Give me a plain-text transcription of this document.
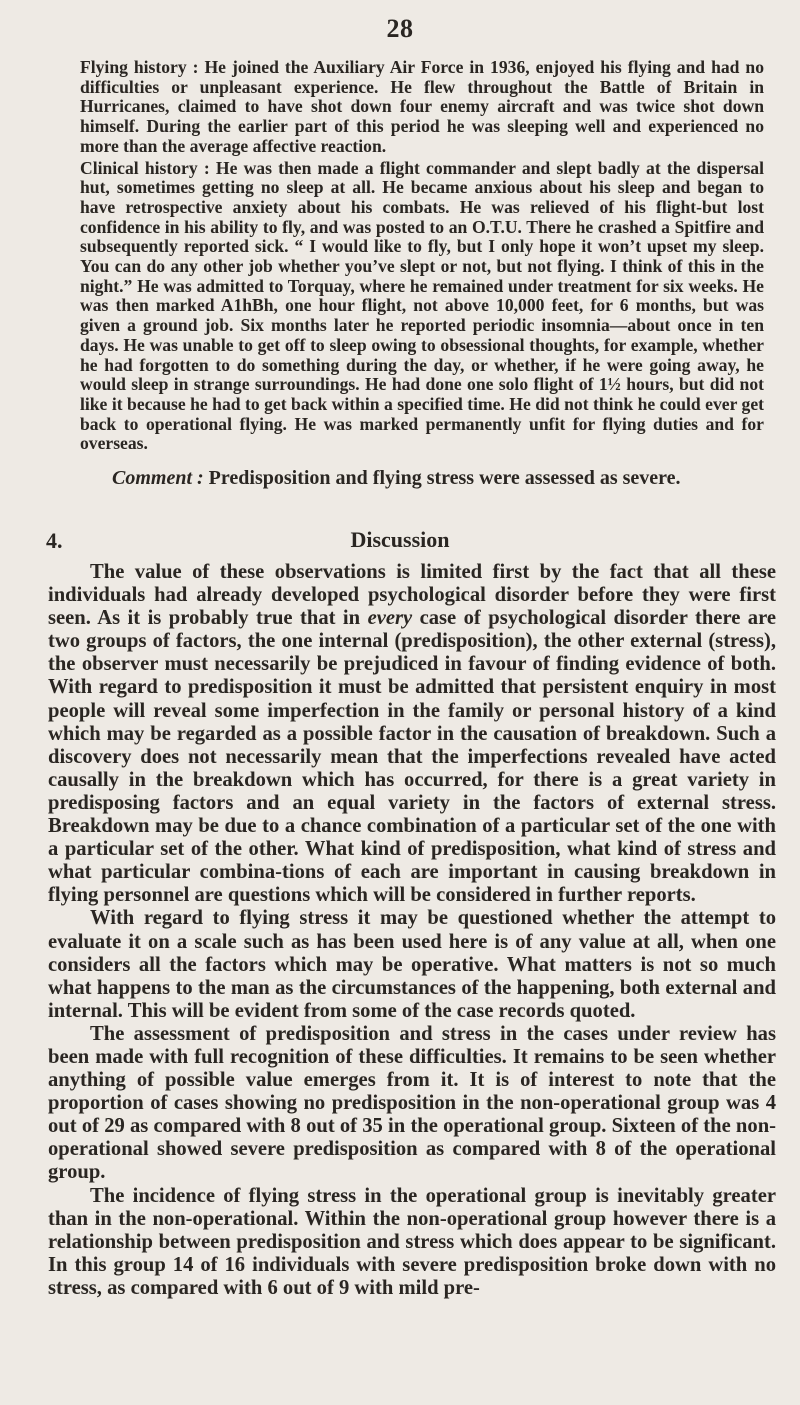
28

Flying history : He joined the Auxiliary Air Force in 1936, enjoyed his flying and had no difficulties or unpleasant experience. He flew throughout the Battle of Britain in Hurricanes, claimed to have shot down four enemy aircraft and was twice shot down himself. During the earlier part of this period he was sleeping well and experienced no more than the average affective reaction.

Clinical history : He was then made a flight commander and slept badly at the dispersal hut, sometimes getting no sleep at all. He became anxious about his sleep and began to have retrospective anxiety about his combats. He was relieved of his flight-but lost confidence in his ability to fly, and was posted to an O.T.U. There he crashed a Spitfire and subsequently reported sick. “ I would like to fly, but I only hope it won’t upset my sleep. You can do any other job whether you’ve slept or not, but not flying. I think of this in the night.” He was admitted to Torquay, where he remained under treatment for six weeks. He was then marked A1hBh, one hour flight, not above 10,000 feet, for 6 months, but was given a ground job. Six months later he reported periodic insomnia—about once in ten days. He was unable to get off to sleep owing to obsessional thoughts, for example, whether he had forgotten to do something during the day, or whether, if he were going away, he would sleep in strange surroundings. He had done one solo flight of 1½ hours, but did not like it because he had to get back within a specified time. He did not think he could ever get back to operational flying. He was marked permanently unfit for flying duties and for overseas.

Comment : Predisposition and flying stress were assessed as severe.
4.	Discussion

The value of these observations is limited first by the fact that all these individuals had already developed psychological disorder before they were first seen. As it is probably true that in every case of psychological disorder there are two groups of factors, the one internal (predisposition), the other external (stress), the observer must necessarily be prejudiced in favour of finding evidence of both. With regard to predisposition it must be admitted that persistent enquiry in most people will reveal some imperfection in the family or personal history of a kind which may be regarded as a possible factor in the causation of breakdown. Such a discovery does not necessarily mean that the imperfections revealed have acted causally in the breakdown which has occurred, for there is a great variety in predisposing factors and an equal variety in the factors of external stress. Breakdown may be due to a chance combination of a particular set of the one with a particular set of the other. What kind of predisposition, what kind of stress and what particular combina-tions of each are important in causing breakdown in flying personnel are questions which will be considered in further reports.

With regard to flying stress it may be questioned whether the attempt to evaluate it on a scale such as has been used here is of any value at all, when one considers all the factors which may be operative. What matters is not so much what happens to the man as the circumstances of the happening, both external and internal. This will be evident from some of the case records quoted.

The assessment of predisposition and stress in the cases under review has been made with full recognition of these difficulties. It remains to be seen whether anything of possible value emerges from it. It is of interest to note that the proportion of cases showing no predisposition in the non-operational group was 4 out of 29 as compared with 8 out of 35 in the operational group. Sixteen of the non-operational showed severe predisposition as compared with 8 of the operational group.

The incidence of flying stress in the operational group is inevitably greater than in the non-operational. Within the non-operational group however there is a relationship between predisposition and stress which does appear to be significant. In this group 14 of 16 individuals with severe predisposition broke down with no stress, as compared with 6 out of 9 with mild pre-
